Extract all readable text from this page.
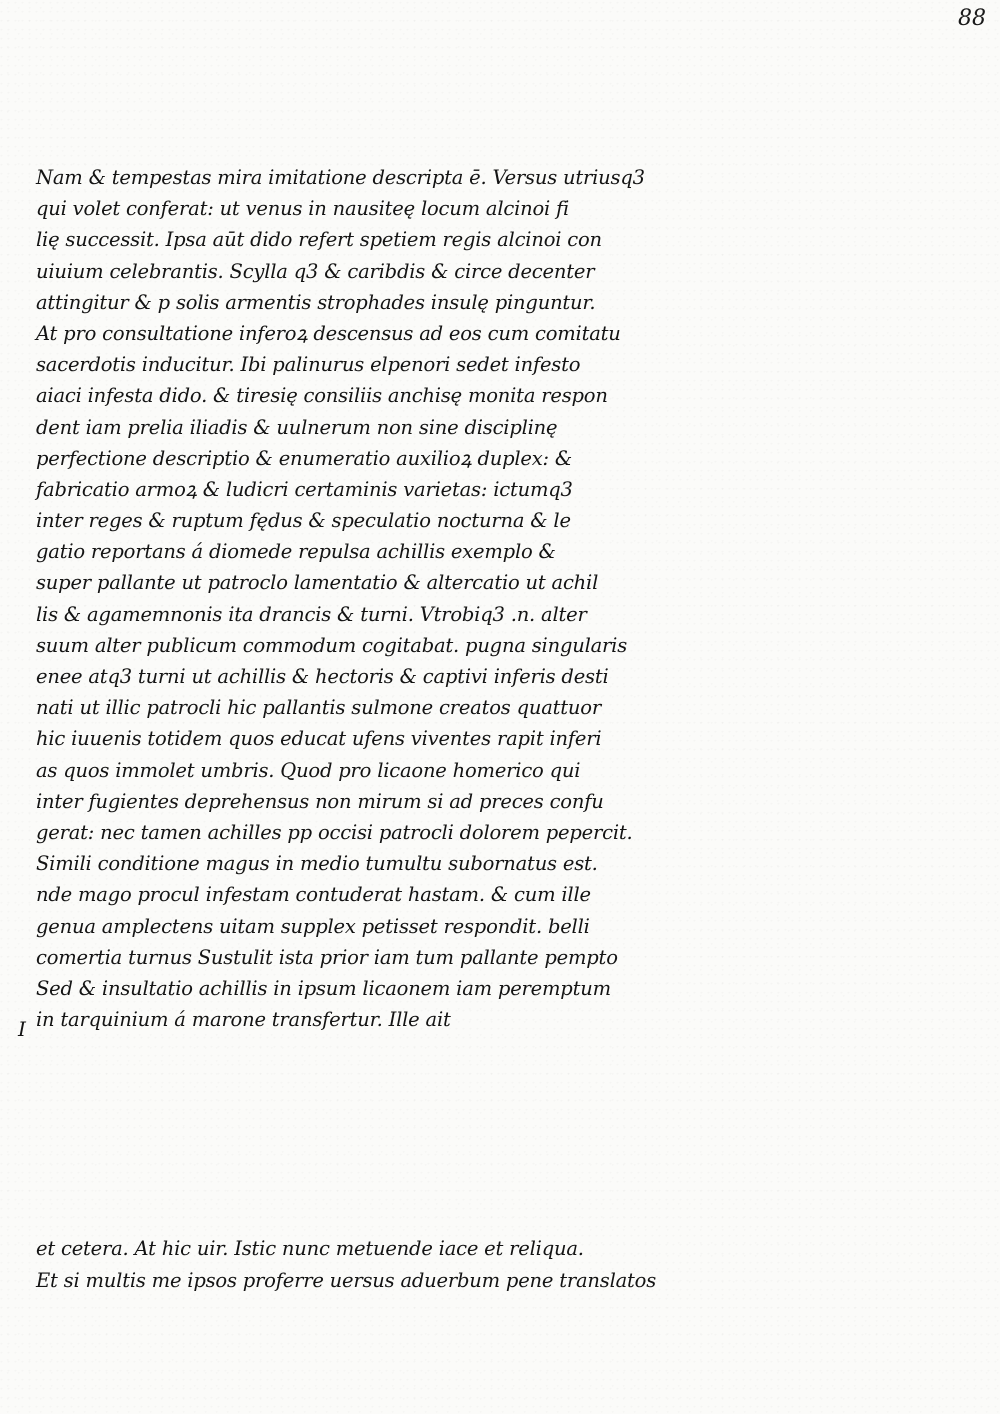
88
I
Nam & tempestas mira imitatione descripta ē. Versus utriusq3
qui volet conferat: ut venus in nausiteę locum alcinoi fi
lię successit. Ipsa aūt dido refert spetiem regis alcinoi con
uiuium celebrantis. Scylla q3 & caribdis & circe decenter
attingitur & p solis armentis strophades insulę pinguntur.
At pro consultatione inferoꝝ descensus ad eos cum comitatu
sacerdotis inducitur. Ibi palinurus elpenori sedet infesto
aiaci infesta dido. & tiresię consiliis anchisę monita respon
dent iam prelia iliadis & uulnerum non sine disciplinę
perfectione descriptio & enumeratio auxilioꝝ duplex: &
fabricatio armoꝝ & ludicri certaminis varietas: ictumq3
inter reges & ruptum fędus & speculatio nocturna & le
gatio reportans á diomede repulsa achillis exemplo &
super pallante ut patroclo lamentatio & altercatio ut achil
lis & agamemnonis ita drancis & turni. Vtrobiq3 .n. alter
suum alter publicum commodum cogitabat. pugna singularis
enee atq3 turni ut achillis & hectoris & captivi inferis desti
nati ut illic patrocli hic pallantis sulmone creatos quattuor
hic iuuenis totidem quos educat ufens viventes rapit inferi
as quos immolet umbris. Quod pro licaone homerico qui
inter fugientes deprehensus non mirum si ad preces confu
gerat: nec tamen achilles pp occisi patrocli dolorem pepercit.
Simili conditione magus in medio tumultu subornatus est.
nde mago procul infestam contuderat hastam. & cum ille
genua amplectens uitam supplex petisset respondit. belli
comertia turnus Sustulit ista prior iam tum pallante pempto
Sed & insultatio achillis in ipsum licaonem iam peremptum
in tarquinium á marone transfertur. Ille ait
et cetera. At hic uir. Istic nunc metuende iace et reliqua.
Et si multis me ipsos proferre uersus aduerbum pene translatos
